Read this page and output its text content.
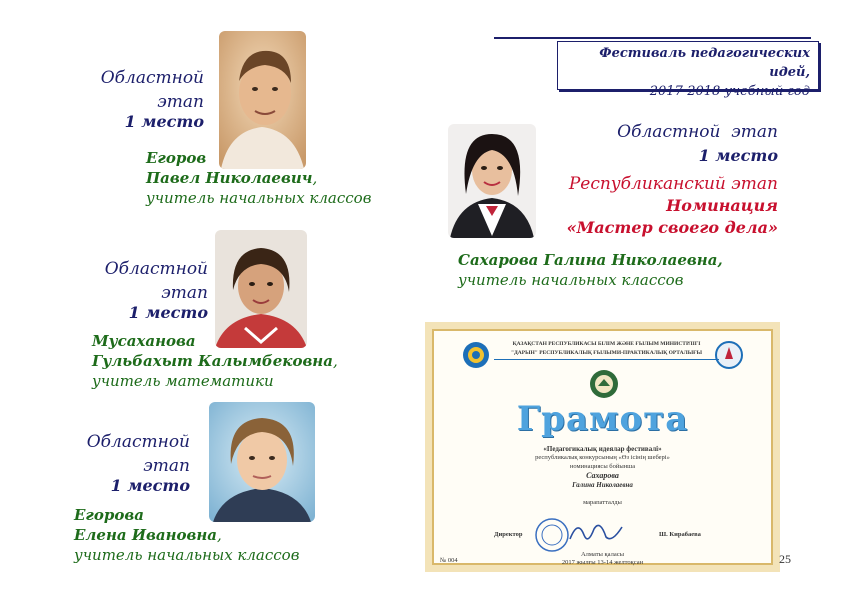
Областной
этап
1 место
Егоров
Павел Николаевич,
учитель начальных классов
Областной
этап
1 место
Мусаханова
Гульбахыт Калымбековна,
учитель математики
Областной
этап
1 место
Егорова
Елена Ивановна,
учитель начальных классов
Фестиваль педагогических идей,
2017-2018 учебный год
Областной  этап
1 место
Республиканский этап
Номинация
«Мастер своего дела»
Сахарова Галина Николаевна,
учитель начальных классов
ҚАЗАҚСТАН РЕСПУБЛИКАСЫ БІЛІМ ЖӘНЕ ҒЫЛЫМ МИНИСТРЛІГІ
"ДАРЫН" РЕСПУБЛИКАЛЫҚ ҒЫЛЫМИ-ПРАКТИКАЛЫҚ ОРТАЛЫҒЫ
Грамота
«Педагогикалық идеялар фестивалі»
республикалық конкурсының «Өз ісінің шебері»
номинациясы бойынша
Сахарова
Галина Николаевна
марапатталды
Директор	Ш. Кирабаева
№ 004
Алматы қаласы
2017 жылғы 13-14 желтоқсан	25
